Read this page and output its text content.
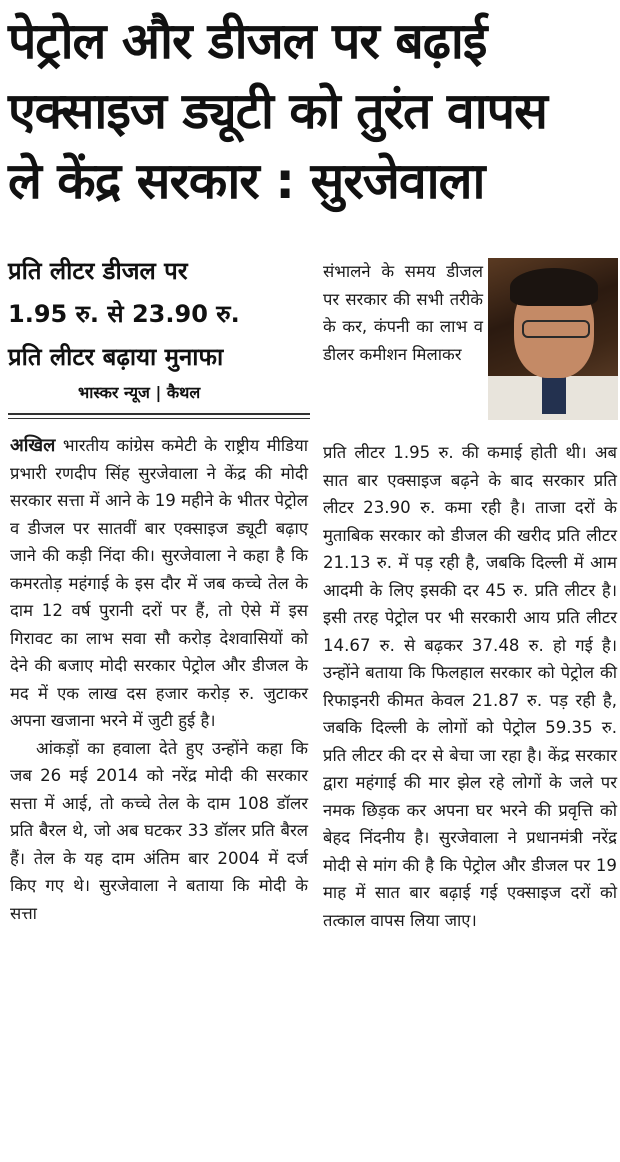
पेट्रोल और डीजल पर बढ़ाई
एक्साइज ड्यूटी को तुरंत वापस
ले केंद्र सरकार : सुरजेवाला
प्रति लीटर डीजल पर
1.95 रु. से 23.90 रु.
प्रति लीटर बढ़ाया मुनाफा
भास्कर न्यूज | कैथल
अखिल भारतीय कांग्रेस कमेटी के राष्ट्रीय मीडिया प्रभारी रणदीप सिंह सुरजेवाला ने केंद्र की मोदी सरकार सत्ता में आने के 19 महीने के भीतर पेट्रोल व डीजल पर सातवीं बार एक्साइज ड्यूटी बढ़ाए जाने की कड़ी निंदा की। सुरजेवाला ने कहा है कि कमरतोड़ महंगाई के इस दौर में जब कच्चे तेल के दाम 12 वर्ष पुरानी दरों पर हैं, तो ऐसे में इस गिरावट का लाभ सवा सौ करोड़ देशवासियों को देने की बजाए मोदी सरकार पेट्रोल और डीजल के मद में एक लाख दस हजार करोड़ रु. जुटाकर अपना खजाना भरने में जुटी हुई है।
आंकड़ों का हवाला देते हुए उन्होंने कहा कि जब 26 मई 2014 को नरेंद्र मोदी की सरकार सत्ता में आई, तो कच्चे तेल के दाम 108 डॉलर प्रति बैरल थे, जो अब घटकर 33 डॉलर प्रति बैरल हैं। तेल के यह दाम अंतिम बार 2004 में दर्ज किए गए थे। सुरजेवाला ने बताया कि मोदी के सत्ता
संभालने के समय डीजल पर सरकार की सभी तरीके के कर, कंपनी का लाभ व डीलर कमीशन मिलाकर
प्रति लीटर 1.95 रु. की कमाई होती थी। अब सात बार एक्साइज बढ़ने के बाद सरकार प्रति लीटर 23.90 रु. कमा रही है। ताजा दरों के मुताबिक सरकार को डीजल की खरीद प्रति लीटर 21.13 रु. में पड़ रही है, जबकि दिल्ली में आम आदमी के लिए इसकी दर 45 रु. प्रति लीटर है। इसी तरह पेट्रोल पर भी सरकारी आय प्रति लीटर 14.67 रु. से बढ़कर 37.48 रु. हो गई है। उन्होंने बताया कि फिलहाल सरकार को पेट्रोल की रिफाइनरी कीमत केवल 21.87 रु. पड़ रही है, जबकि दिल्ली के लोगों को पेट्रोल 59.35 रु. प्रति लीटर की दर से बेचा जा रहा है। केंद्र सरकार द्वारा महंगाई की मार झेल रहे लोगों के जले पर नमक छिड़क कर अपना घर भरने की प्रवृत्ति को बेहद निंदनीय है। सुरजेवाला ने प्रधानमंत्री नरेंद्र मोदी से मांग की है कि पेट्रोल और डीजल पर 19 माह में सात बार बढ़ाई गई एक्साइज दरों को तत्काल वापस लिया जाए।
